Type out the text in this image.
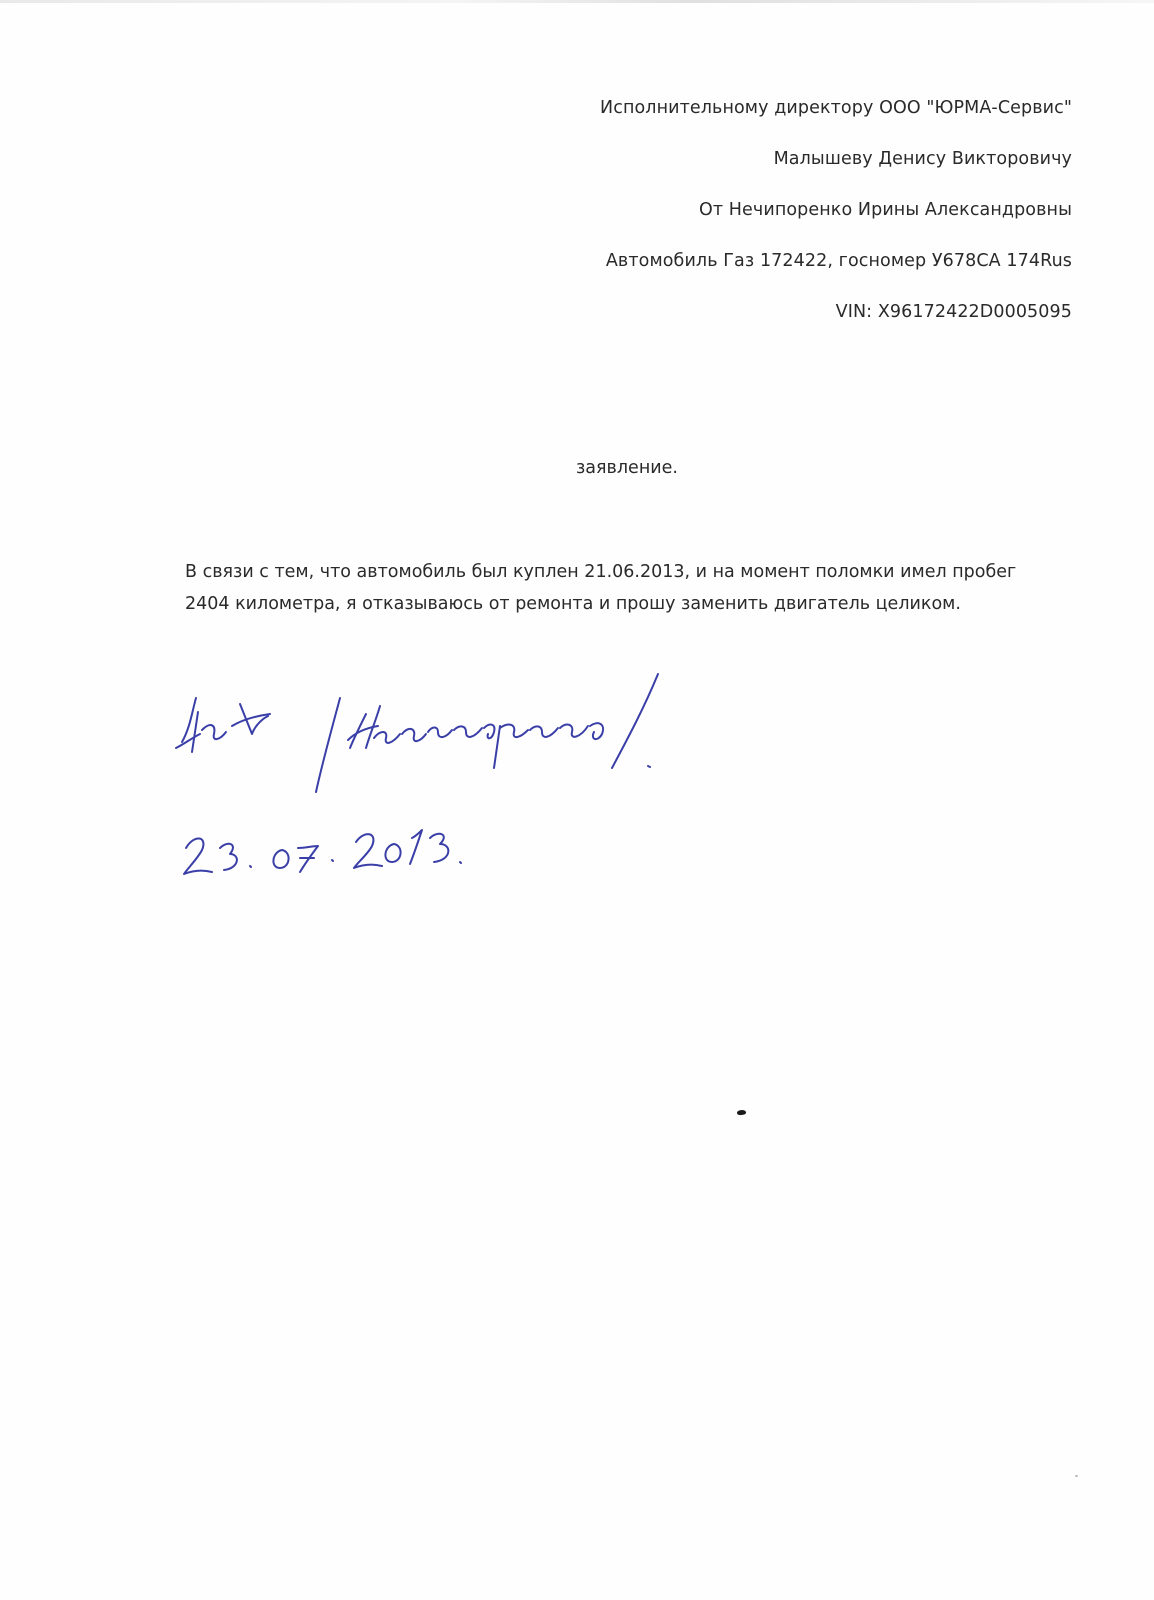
Исполнительному директору ООО "ЮРМА-Сервис"
Малышеву Денису Викторовичу
От Нечипоренко Ирины Александровны
Автомобиль Газ 172422, госномер У678СА 174Rus
VIN: X96172422D0005095
заявление.
В связи с тем, что автомобиль был куплен 21.06.2013, и на момент поломки имел пробег
2404 километра, я отказываюсь от ремонта и прошу заменить двигатель целиком.
